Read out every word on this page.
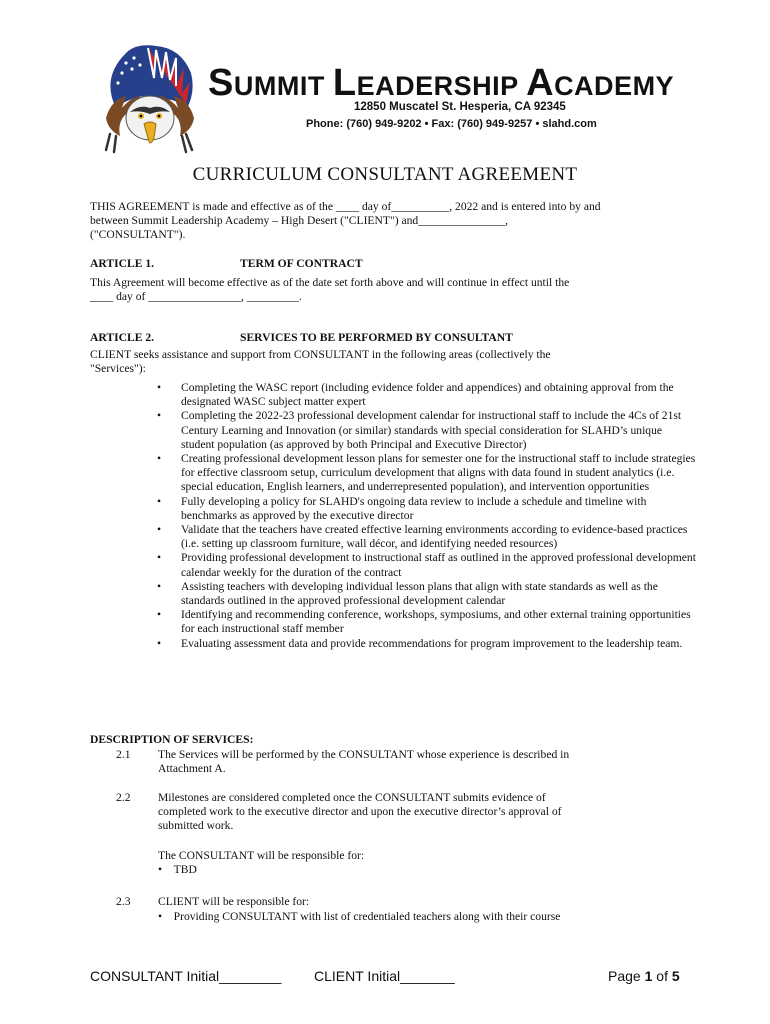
SUMMIT LEADERSHIP ACADEMY
12850 Muscatel St. Hesperia, CA 92345
Phone: (760) 949-9202 • Fax: (760) 949-9257 • slahd.com
CURRICULUM CONSULTANT AGREEMENT
THIS AGREEMENT is made and effective as of the ____ day of__________, 2022 and is entered into by and
between Summit Leadership Academy – High Desert ("CLIENT") and_______________,
("CONSULTANT").
ARTICLE 1.	TERM OF CONTRACT
This Agreement will become effective as of the date set forth above and will continue in effect until the
____ day of ________________, _________.
ARTICLE 2.	SERVICES TO BE PERFORMED BY CONSULTANT
CLIENT seeks assistance and support from CONSULTANT in the following areas (collectively the
"Services"):
• Completing the WASC report (including evidence folder and appendices) and obtaining approval from the designated WASC subject matter expert
• Completing the 2022-23 professional development calendar for instructional staff to include the 4Cs of 21st Century Learning and Innovation (or similar) standards with special consideration for SLAHD’s unique student population (as approved by both Principal and Executive Director)
• Creating professional development lesson plans for semester one for the instructional staff to include strategies for effective classroom setup, curriculum development that aligns with data found in student analytics (i.e. special education, English learners, and underrepresented population), and intervention opportunities
• Fully developing a policy for SLAHD's ongoing data review to include a schedule and timeline with benchmarks as approved by the executive director
• Validate that the teachers have created effective learning environments according to evidence-based practices (i.e. setting up classroom furniture, wall décor, and identifying needed resources)
• Providing professional development to instructional staff as outlined in the approved professional development calendar weekly for the duration of the contract
• Assisting teachers with developing individual lesson plans that align with state standards as well as the standards outlined in the approved professional development calendar
• Identifying and recommending conference, workshops, symposiums, and other external training opportunities for each instructional staff member
• Evaluating assessment data and provide recommendations for program improvement to the leadership team.
DESCRIPTION OF SERVICES:
2.1 The Services will be performed by the CONSULTANT whose experience is described in
Attachment A.
2.2 Milestones are considered completed once the CONSULTANT submits evidence of
completed work to the executive director and upon the executive director’s approval of
submitted work.
The CONSULTANT will be responsible for:
•    TBD
2.3 CLIENT will be responsible for:
•    Providing CONSULTANT with list of credentialed teachers along with their course
CONSULTANT Initial________ CLIENT Initial_______	Page 1 of 5
